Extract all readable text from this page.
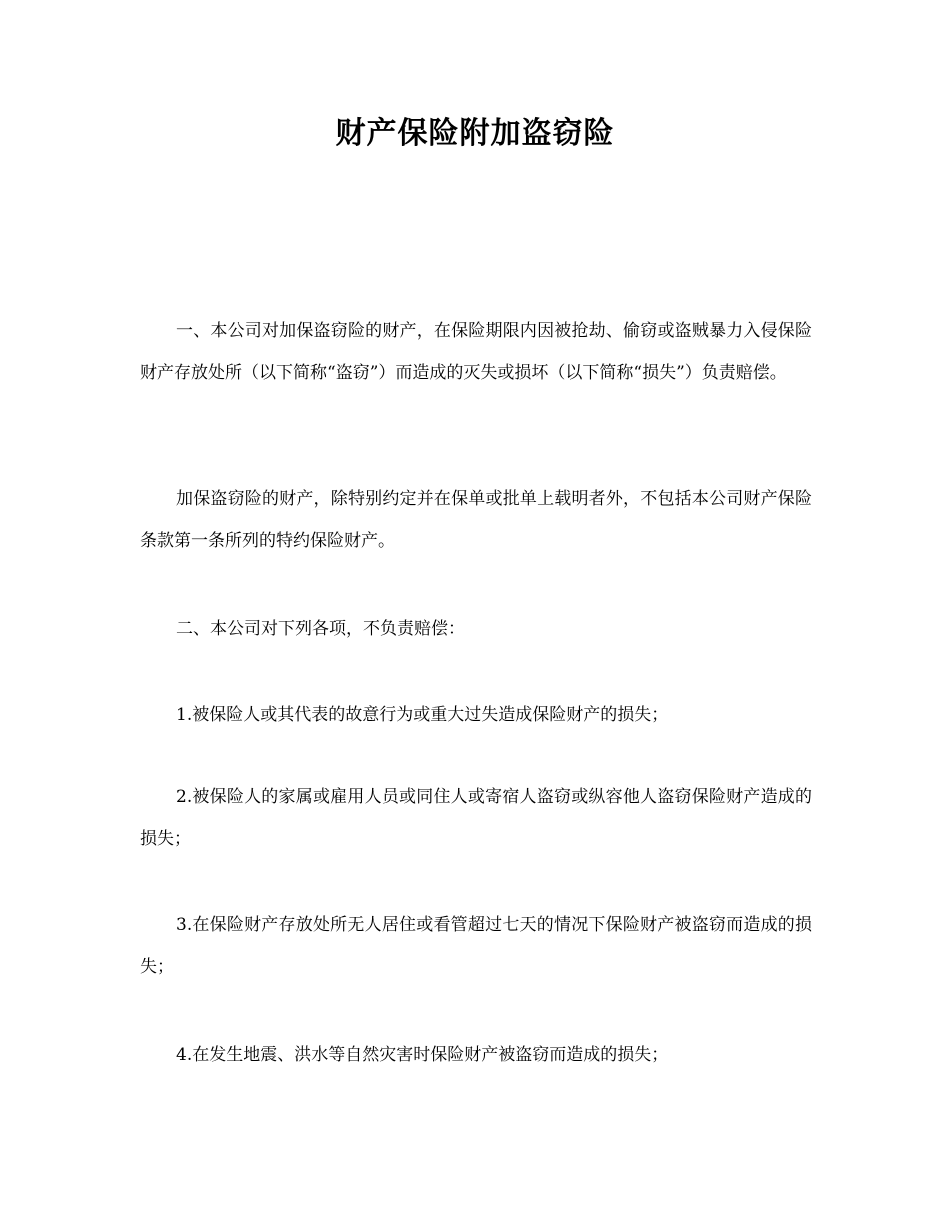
财产保险附加盗窃险

一、本公司对加保盗窃险的财产，在保险期限内因被抢劫、偷窃或盗贼暴力入侵保险财产存放处所（以下简称“盗窃”）而造成的灭失或损坏（以下简称“损失”）负责赔偿。

加保盗窃险的财产，除特别约定并在保单或批单上载明者外，不包括本公司财产保险条款第一条所列的特约保险财产。

二、本公司对下列各项，不负责赔偿：

1.被保险人或其代表的故意行为或重大过失造成保险财产的损失；

2.被保险人的家属或雇用人员或同住人或寄宿人盗窃或纵容他人盗窃保险财产造成的损失；

3.在保险财产存放处所无人居住或看管超过七天的情况下保险财产被盗窃而造成的损失；

4.在发生地震、洪水等自然灾害时保险财产被盗窃而造成的损失；
